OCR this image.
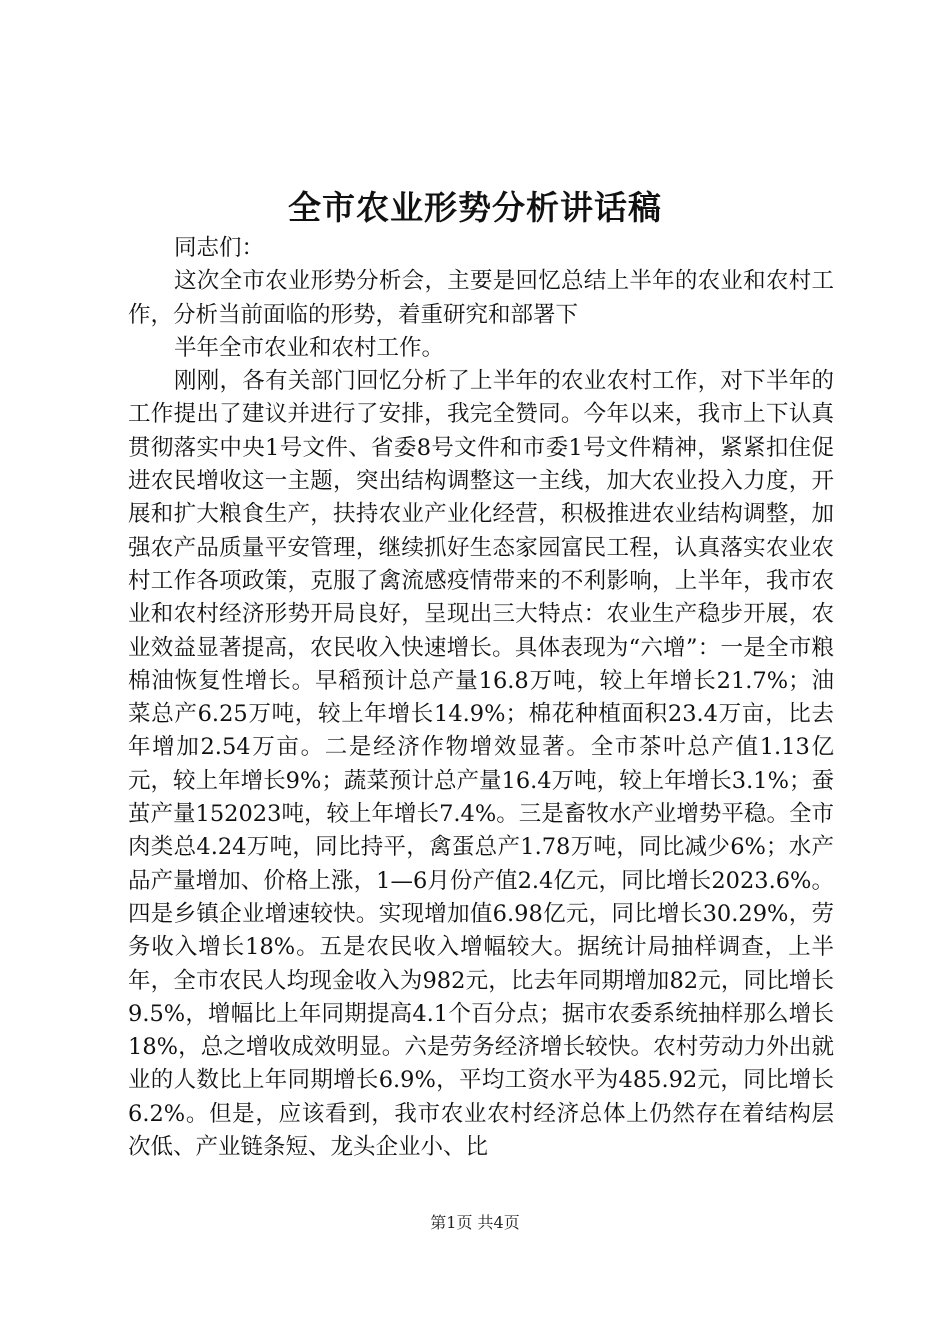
全市农业形势分析讲话稿

同志们：

这次全市农业形势分析会，主要是回忆总结上半年的农业和农村工作，分析当前面临的形势，着重研究和部署下

半年全市农业和农村工作。

刚刚，各有关部门回忆分析了上半年的农业农村工作，对下半年的工作提出了建议并进行了安排，我完全赞同。今年以来，我市上下认真贯彻落实中央1号文件、省委8号文件和市委1号文件精神，紧紧扣住促进农民增收这一主题，突出结构调整这一主线，加大农业投入力度，开展和扩大粮食生产，扶持农业产业化经营，积极推进农业结构调整，加强农产品质量平安管理，继续抓好生态家园富民工程，认真落实农业农村工作各项政策，克服了禽流感疫情带来的不利影响，上半年，我市农业和农村经济形势开局良好，呈现出三大特点：农业生产稳步开展，农业效益显著提高，农民收入快速增长。具体表现为“六增”：一是全市粮棉油恢复性增长。早稻预计总产量16.8万吨，较上年增长21.7%；油菜总产6.25万吨，较上年增长14.9%；棉花种植面积23.4万亩，比去年增加2.54万亩。二是经济作物增效显著。全市茶叶总产值1.13亿元，较上年增长9%；蔬菜预计总产量16.4万吨，较上年增长3.1%；蚕茧产量152023吨，较上年增长7.4%。三是畜牧水产业增势平稳。全市肉类总4.24万吨，同比持平，禽蛋总产1.78万吨，同比减少6%；水产品产量增加、价格上涨，1—6月份产值2.4亿元，同比增长2023.6%。四是乡镇企业增速较快。实现增加值6.98亿元，同比增长30.29%，劳务收入增长18%。五是农民收入增幅较大。据统计局抽样调查，上半年，全市农民人均现金收入为982元，比去年同期增加82元，同比增长9.5%，增幅比上年同期提高4.1个百分点；据市农委系统抽样那么增长18%，总之增收成效明显。六是劳务经济增长较快。农村劳动力外出就业的人数比上年同期增长6.9%，平均工资水平为485.92元，同比增长6.2%。但是，应该看到，我市农业农村经济总体上仍然存在着结构层次低、产业链条短、龙头企业小、比

第1页 共4页
